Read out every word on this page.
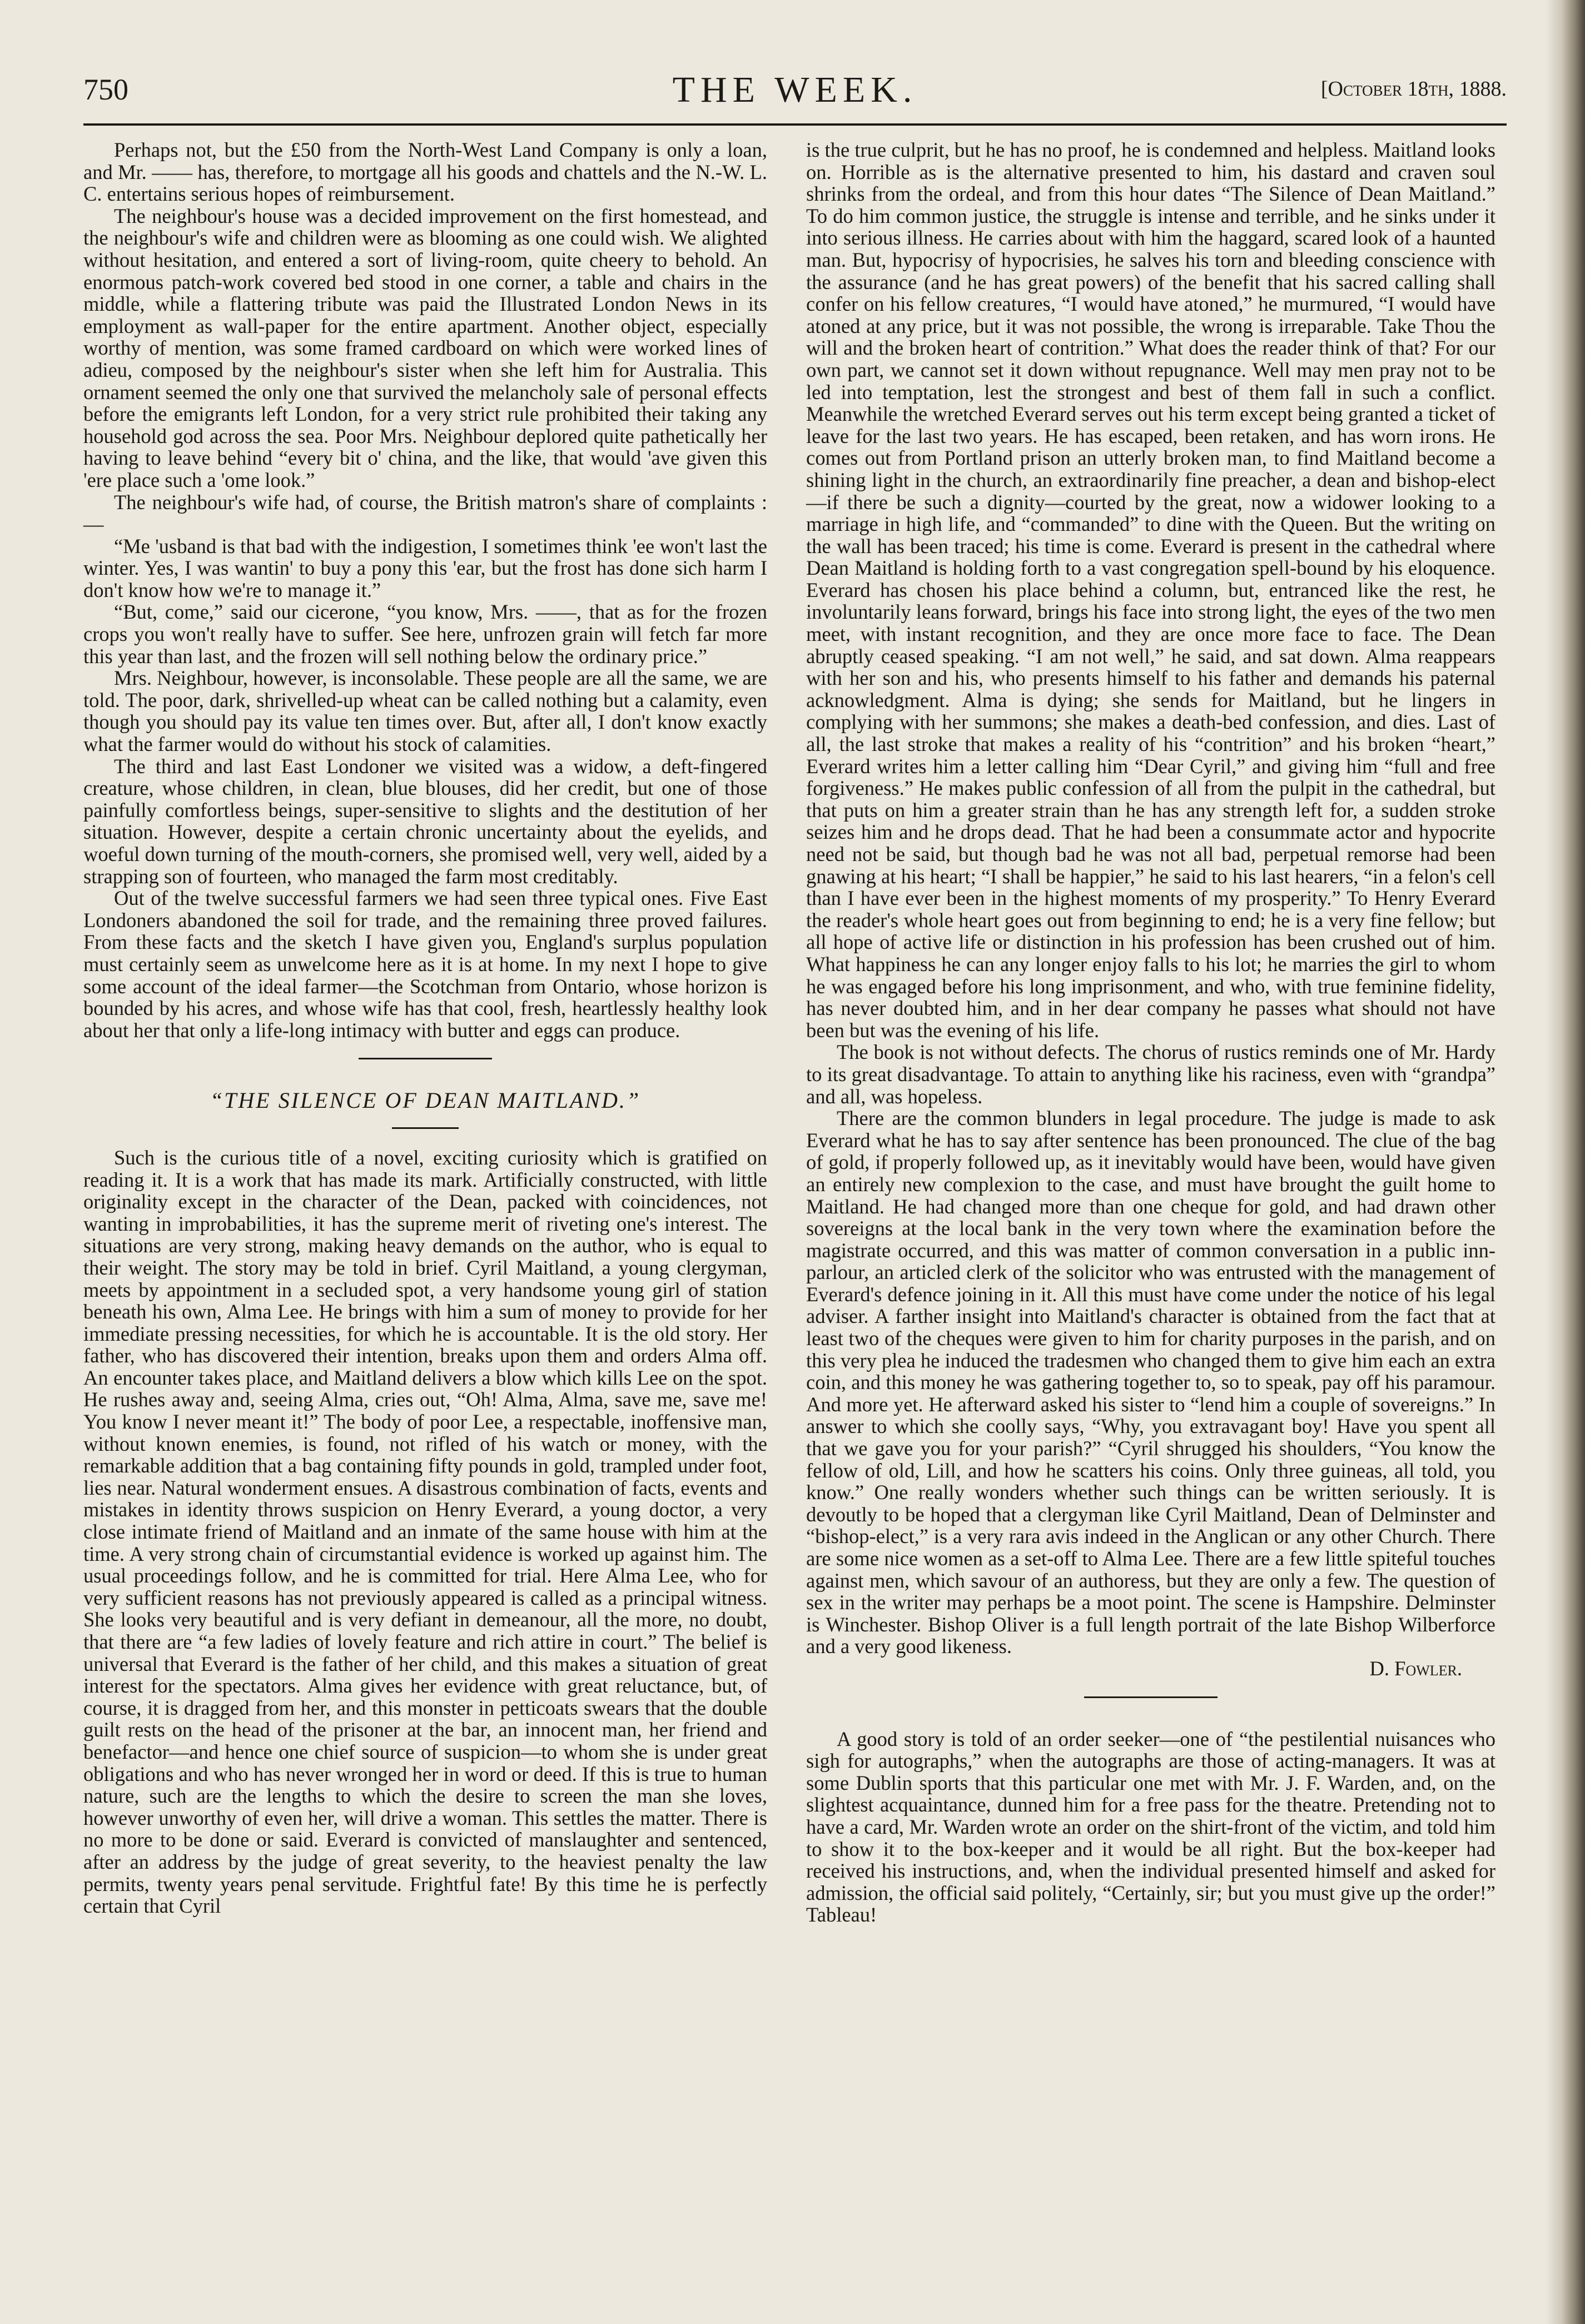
750	THE WEEK.	[October 18th, 1888.

Perhaps not, but the £50 from the North-West Land Company is only a loan, and Mr. —— has, therefore, to mortgage all his goods and chattels and the N.-W. L. C. entertains serious hopes of reimbursement.

The neighbour's house was a decided improvement on the first homestead, and the neighbour's wife and children were as blooming as one could wish. We alighted without hesitation, and entered a sort of living-room, quite cheery to behold. An enormous patch-work covered bed stood in one corner, a table and chairs in the middle, while a flattering tribute was paid the Illustrated London News in its employment as wall-paper for the entire apartment. Another object, especially worthy of mention, was some framed cardboard on which were worked lines of adieu, composed by the neighbour's sister when she left him for Australia. This ornament seemed the only one that survived the melancholy sale of personal effects before the emigrants left London, for a very strict rule prohibited their taking any household god across the sea. Poor Mrs. Neighbour deplored quite pathetically her having to leave behind “every bit o' china, and the like, that would 'ave given this 'ere place such a 'ome look.”

The neighbour's wife had, of course, the British matron's share of complaints :—

“Me 'usband is that bad with the indigestion, I sometimes think 'ee won't last the winter. Yes, I was wantin' to buy a pony this 'ear, but the frost has done sich harm I don't know how we're to manage it.”

“But, come,” said our cicerone, “you know, Mrs. ——, that as for the frozen crops you won't really have to suffer. See here, unfrozen grain will fetch far more this year than last, and the frozen will sell nothing below the ordinary price.”

Mrs. Neighbour, however, is inconsolable. These people are all the same, we are told. The poor, dark, shrivelled-up wheat can be called nothing but a calamity, even though you should pay its value ten times over. But, after all, I don't know exactly what the farmer would do without his stock of calamities.

The third and last East Londoner we visited was a widow, a deft-fingered creature, whose children, in clean, blue blouses, did her credit, but one of those painfully comfortless beings, super-sensitive to slights and the destitution of her situation. However, despite a certain chronic uncertainty about the eyelids, and woeful down turning of the mouth-corners, she promised well, very well, aided by a strapping son of fourteen, who managed the farm most creditably.

Out of the twelve successful farmers we had seen three typical ones. Five East Londoners abandoned the soil for trade, and the remaining three proved failures. From these facts and the sketch I have given you, England's surplus population must certainly seem as unwelcome here as it is at home. In my next I hope to give some account of the ideal farmer—the Scotchman from Ontario, whose horizon is bounded by his acres, and whose wife has that cool, fresh, heartlessly healthy look about her that only a life-long intimacy with butter and eggs can produce.

“THE SILENCE OF DEAN MAITLAND.”

Such is the curious title of a novel, exciting curiosity which is gratified on reading it. It is a work that has made its mark. Artificially constructed, with little originality except in the character of the Dean, packed with coincidences, not wanting in improbabilities, it has the supreme merit of riveting one's interest. The situations are very strong, making heavy demands on the author, who is equal to their weight. The story may be told in brief. Cyril Maitland, a young clergyman, meets by appointment in a secluded spot, a very handsome young girl of station beneath his own, Alma Lee. He brings with him a sum of money to provide for her immediate pressing necessities, for which he is accountable. It is the old story. Her father, who has discovered their intention, breaks upon them and orders Alma off. An encounter takes place, and Maitland delivers a blow which kills Lee on the spot. He rushes away and, seeing Alma, cries out, “Oh! Alma, Alma, save me, save me! You know I never meant it!” The body of poor Lee, a respectable, inoffensive man, without known enemies, is found, not rifled of his watch or money, with the remarkable addition that a bag containing fifty pounds in gold, trampled under foot, lies near. Natural wonderment ensues. A disastrous combination of facts, events and mistakes in identity throws suspicion on Henry Everard, a young doctor, a very close intimate friend of Maitland and an inmate of the same house with him at the time. A very strong chain of circumstantial evidence is worked up against him. The usual proceedings follow, and he is committed for trial. Here Alma Lee, who for very sufficient reasons has not previously appeared is called as a principal witness. She looks very beautiful and is very defiant in demeanour, all the more, no doubt, that there are “a few ladies of lovely feature and rich attire in court.” The belief is universal that Everard is the father of her child, and this makes a situation of great interest for the spectators. Alma gives her evidence with great reluctance, but, of course, it is dragged from her, and this monster in petticoats swears that the double guilt rests on the head of the prisoner at the bar, an innocent man, her friend and benefactor—and hence one chief source of suspicion—to whom she is under great obligations and who has never wronged her in word or deed. If this is true to human nature, such are the lengths to which the desire to screen the man she loves, however unworthy of even her, will drive a woman. This settles the matter. There is no more to be done or said. Everard is convicted of manslaughter and sentenced, after an address by the judge of great severity, to the heaviest penalty the law permits, twenty years penal servitude. Frightful fate! By this time he is perfectly certain that Cyril

is the true culprit, but he has no proof, he is condemned and helpless. Maitland looks on. Horrible as is the alternative presented to him, his dastard and craven soul shrinks from the ordeal, and from this hour dates “The Silence of Dean Maitland.” To do him common justice, the struggle is intense and terrible, and he sinks under it into serious illness. He carries about with him the haggard, scared look of a haunted man. But, hypocrisy of hypocrisies, he salves his torn and bleeding conscience with the assurance (and he has great powers) of the benefit that his sacred calling shall confer on his fellow creatures, “I would have atoned,” he murmured, “I would have atoned at any price, but it was not possible, the wrong is irreparable. Take Thou the will and the broken heart of contrition.” What does the reader think of that? For our own part, we cannot set it down without repugnance. Well may men pray not to be led into temptation, lest the strongest and best of them fall in such a conflict. Meanwhile the wretched Everard serves out his term except being granted a ticket of leave for the last two years. He has escaped, been retaken, and has worn irons. He comes out from Portland prison an utterly broken man, to find Maitland become a shining light in the church, an extraordinarily fine preacher, a dean and bishop-elect—if there be such a dignity—courted by the great, now a widower looking to a marriage in high life, and “commanded” to dine with the Queen. But the writing on the wall has been traced; his time is come. Everard is present in the cathedral where Dean Maitland is holding forth to a vast congregation spell-bound by his eloquence. Everard has chosen his place behind a column, but, entranced like the rest, he involuntarily leans forward, brings his face into strong light, the eyes of the two men meet, with instant recognition, and they are once more face to face. The Dean abruptly ceased speaking. “I am not well,” he said, and sat down. Alma reappears with her son and his, who presents himself to his father and demands his paternal acknowledgment. Alma is dying; she sends for Maitland, but he lingers in complying with her summons; she makes a death-bed confession, and dies. Last of all, the last stroke that makes a reality of his “contrition” and his broken “heart,” Everard writes him a letter calling him “Dear Cyril,” and giving him “full and free forgiveness.” He makes public confession of all from the pulpit in the cathedral, but that puts on him a greater strain than he has any strength left for, a sudden stroke seizes him and he drops dead. That he had been a consummate actor and hypocrite need not be said, but though bad he was not all bad, perpetual remorse had been gnawing at his heart; “I shall be happier,” he said to his last hearers, “in a felon's cell than I have ever been in the highest moments of my prosperity.” To Henry Everard the reader's whole heart goes out from beginning to end; he is a very fine fellow; but all hope of active life or distinction in his profession has been crushed out of him. What happiness he can any longer enjoy falls to his lot; he marries the girl to whom he was engaged before his long imprisonment, and who, with true feminine fidelity, has never doubted him, and in her dear company he passes what should not have been but was the evening of his life.

The book is not without defects. The chorus of rustics reminds one of Mr. Hardy to its great disadvantage. To attain to anything like his raciness, even with “grandpa” and all, was hopeless.

There are the common blunders in legal procedure. The judge is made to ask Everard what he has to say after sentence has been pronounced. The clue of the bag of gold, if properly followed up, as it inevitably would have been, would have given an entirely new complexion to the case, and must have brought the guilt home to Maitland. He had changed more than one cheque for gold, and had drawn other sovereigns at the local bank in the very town where the examination before the magistrate occurred, and this was matter of common conversation in a public inn-parlour, an articled clerk of the solicitor who was entrusted with the management of Everard's defence joining in it. All this must have come under the notice of his legal adviser. A farther insight into Maitland's character is obtained from the fact that at least two of the cheques were given to him for charity purposes in the parish, and on this very plea he induced the tradesmen who changed them to give him each an extra coin, and this money he was gathering together to, so to speak, pay off his paramour. And more yet. He afterward asked his sister to “lend him a couple of sovereigns.” In answer to which she coolly says, “Why, you extravagant boy! Have you spent all that we gave you for your parish?” “Cyril shrugged his shoulders, “You know the fellow of old, Lill, and how he scatters his coins. Only three guineas, all told, you know.” One really wonders whether such things can be written seriously. It is devoutly to be hoped that a clergyman like Cyril Maitland, Dean of Delminster and “bishop-elect,” is a very rara avis indeed in the Anglican or any other Church. There are some nice women as a set-off to Alma Lee. There are a few little spiteful touches against men, which savour of an authoress, but they are only a few. The question of sex in the writer may perhaps be a moot point. The scene is Hampshire. Delminster is Winchester. Bishop Oliver is a full length portrait of the late Bishop Wilberforce and a very good likeness.

D. Fowler.

A good story is told of an order seeker—one of “the pestilential nuisances who sigh for autographs,” when the autographs are those of acting-managers. It was at some Dublin sports that this particular one met with Mr. J. F. Warden, and, on the slightest acquaintance, dunned him for a free pass for the theatre. Pretending not to have a card, Mr. Warden wrote an order on the shirt-front of the victim, and told him to show it to the box-keeper and it would be all right. But the box-keeper had received his instructions, and, when the individual presented himself and asked for admission, the official said politely, “Certainly, sir; but you must give up the order!” Tableau!
